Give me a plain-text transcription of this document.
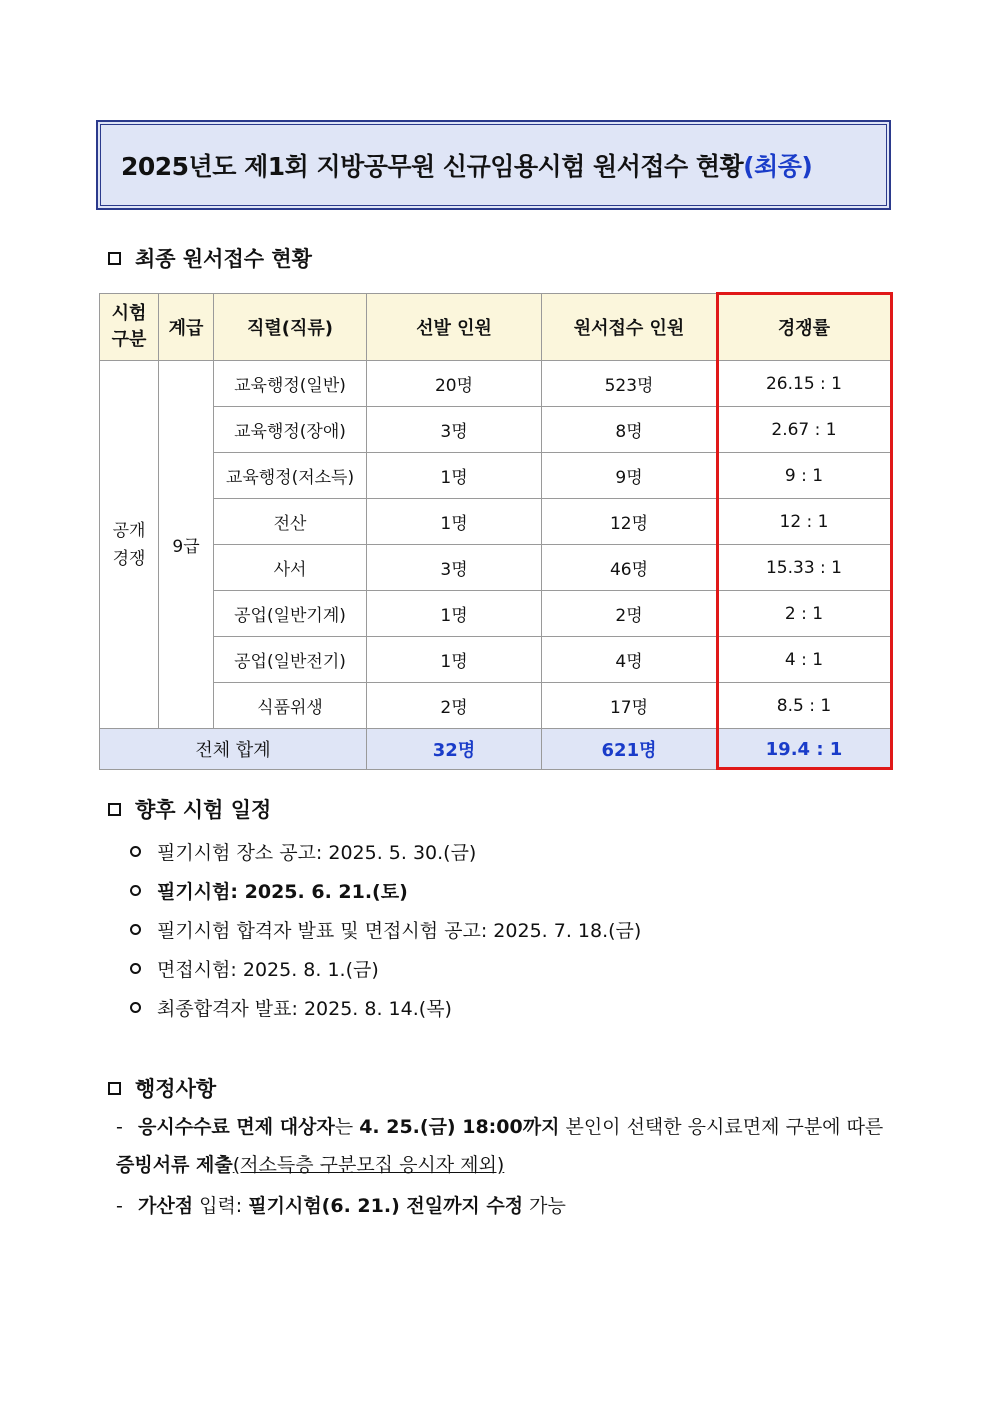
2025년도 제1회 지방공무원 신규임용시험 원서접수 현황 (최종)
최종 원서접수 현황
시험
구분	계급	직렬(직류)	선발 인원	원서접수 인원	경쟁률
공개
경쟁	9급	교육행정(일반)	20명	523명	26.15 : 1
		교육행정(장애)	3명	8명	2.67 : 1
		교육행정(저소득)	1명	9명	9 : 1
		전산	1명	12명	12 : 1
		사서	3명	46명	15.33 : 1
		공업(일반기계)	1명	2명	2 : 1
		공업(일반전기)	1명	4명	4 : 1
		식품위생	2명	17명	8.5 : 1
전체 합계			32명	621명	19.4 : 1
향후 시험 일정
필기시험 장소 공고: 2025. 5. 30.(금)
필기시험: 2025. 6. 21.(토)
필기시험 합격자 발표 및 면접시험 공고: 2025. 7. 18.(금)
면접시험: 2025. 8. 1.(금)
최종합격자 발표: 2025. 8. 14.(목)
행정사항
- 응시수수료 면제 대상자는 4. 25.(금) 18:00까지 본인이 선택한 응시료면제 구분에 따른 증빙서류 제출(저소득층 구분모집 응시자 제외)
- 가산점 입력: 필기시험(6. 21.) 전일까지 수정 가능
